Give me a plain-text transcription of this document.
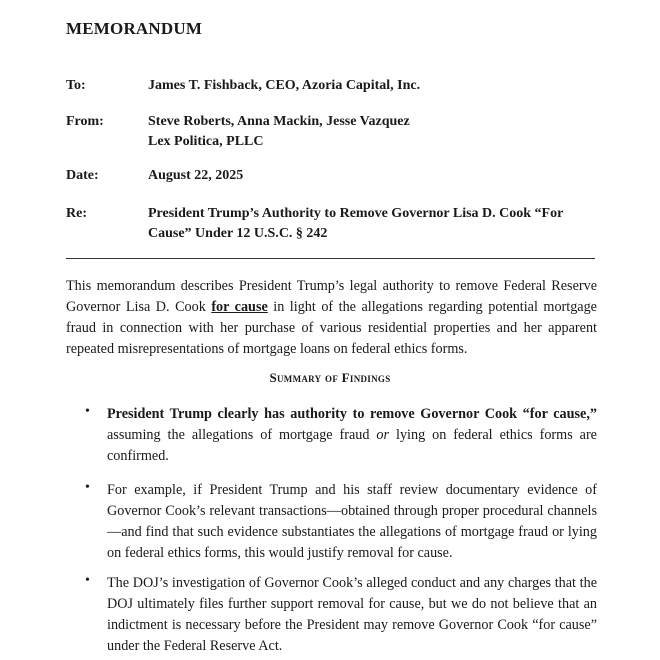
MEMORANDUM
To:	James T. Fishback, CEO, Azoria Capital, Inc.
From:	Steve Roberts, Anna Mackin, Jesse Vazquez
Lex Politica, PLLC
Date:	August 22, 2025
Re:	President Trump’s Authority to Remove Governor Lisa D. Cook “For
Cause” Under 12 U.S.C. § 242
This memorandum describes President Trump’s legal authority to remove Federal Reserve Governor Lisa D. Cook for cause in light of the allegations regarding potential mortgage fraud in connection with her purchase of various residential properties and her apparent repeated misrepresentations of mortgage loans on federal ethics forms.
Summary of Findings
• President Trump clearly has authority to remove Governor Cook “for cause,” assuming the allegations of mortgage fraud or lying on federal ethics forms are confirmed.
• For example, if President Trump and his staff review documentary evidence of Governor Cook’s relevant transactions—obtained through proper procedural channels—and find that such evidence substantiates the allegations of mortgage fraud or lying on federal ethics forms, this would justify removal for cause.
• The DOJ’s investigation of Governor Cook’s alleged conduct and any charges that the DOJ ultimately files further support removal for cause, but we do not believe that an indictment is necessary before the President may remove Governor Cook “for cause” under the Federal Reserve Act.
